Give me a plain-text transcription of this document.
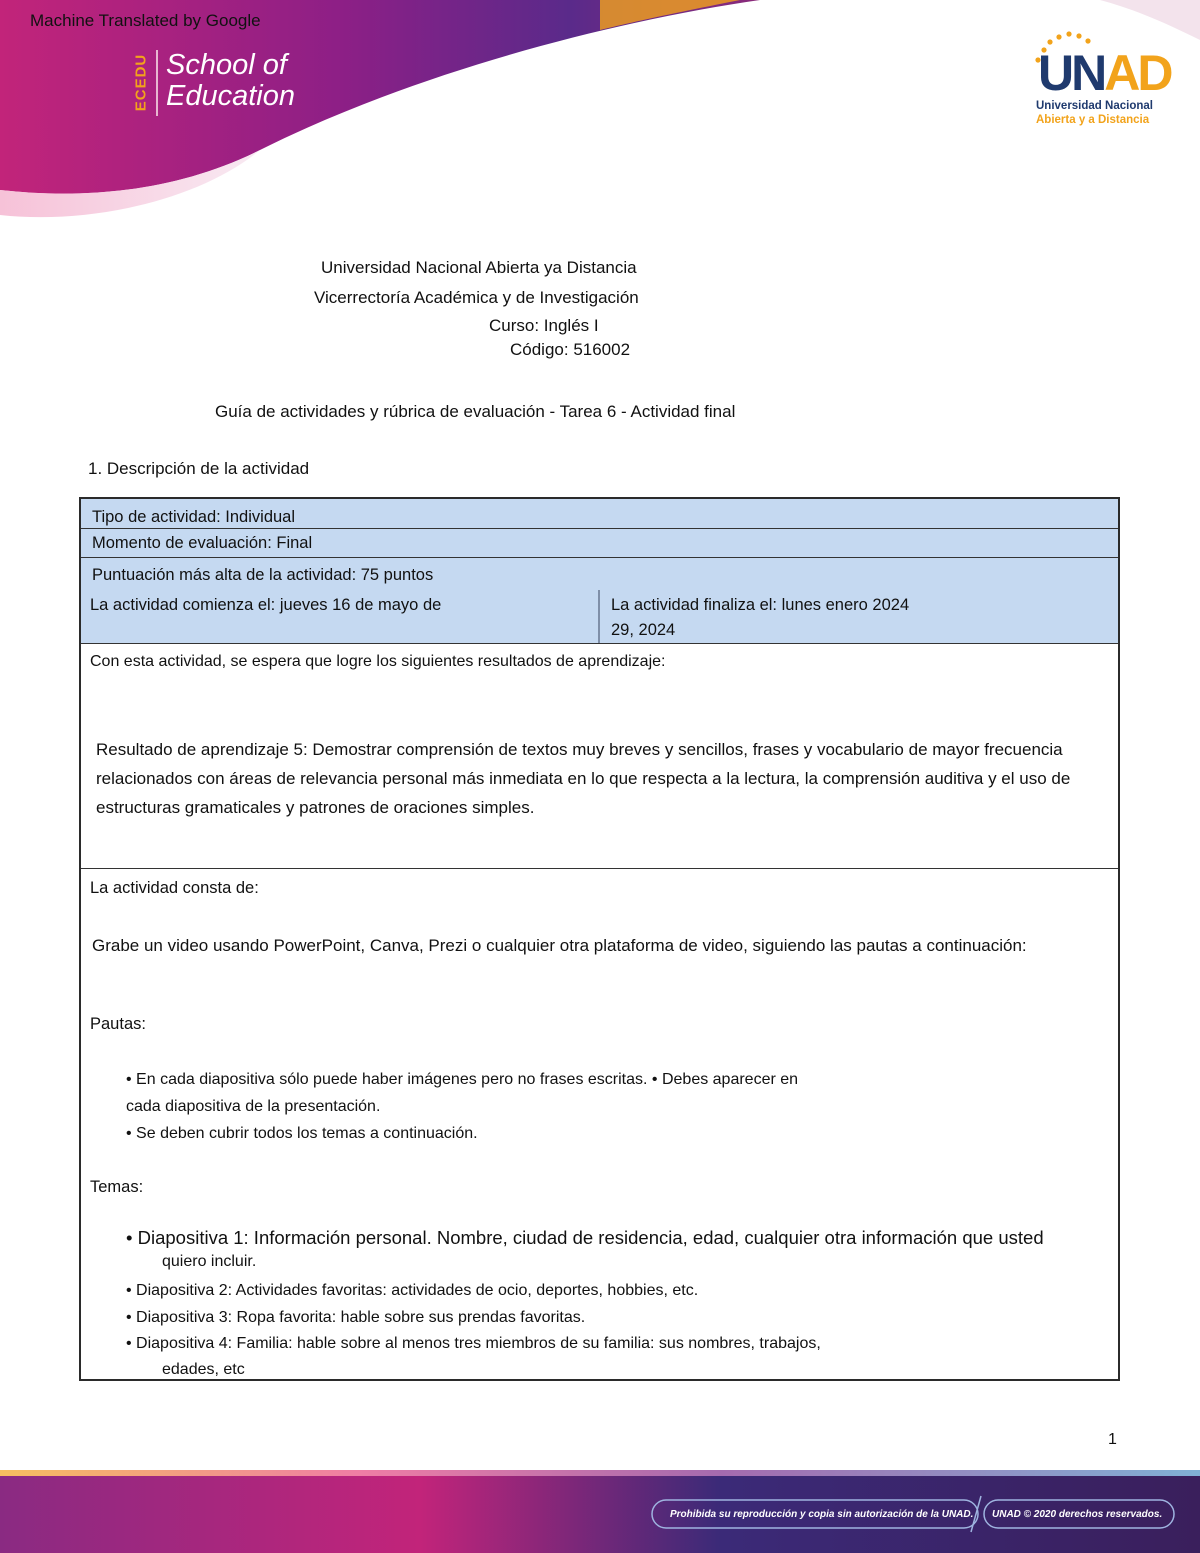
Machine Translated by Google
ECEDU School of
Education	UNAD
Universidad Nacional
Abierta y a Distancia
Universidad Nacional Abierta ya Distancia
Vicerrectoría Académica y de Investigación
Curso: Inglés I
Código: 516002
Guía de actividades y rúbrica de evaluación - Tarea 6 - Actividad final
1. Descripción de la actividad
Tipo de actividad: Individual
Momento de evaluación: Final
Puntuación más alta de la actividad: 75 puntos
La actividad comienza el: jueves 16 de mayo de	La actividad finaliza el: lunes enero 2024
29, 2024
Con esta actividad, se espera que logre los siguientes resultados de aprendizaje:
Resultado de aprendizaje 5: Demostrar comprensión de textos muy breves y sencillos, frases y vocabulario de mayor frecuencia relacionados con áreas de relevancia personal más inmediata en lo que respecta a la lectura, la comprensión auditiva y el uso de estructuras gramaticales y patrones de oraciones simples.
La actividad consta de:
Grabe un video usando PowerPoint, Canva, Prezi o cualquier otra plataforma de video, siguiendo las pautas a continuación:
Pautas:
• En cada diapositiva sólo puede haber imágenes pero no frases escritas. • Debes aparecer en
cada diapositiva de la presentación.
• Se deben cubrir todos los temas a continuación.
Temas:
• Diapositiva 1: Información personal. Nombre, ciudad de residencia, edad, cualquier otra información que usted
quiero incluir.
• Diapositiva 2: Actividades favoritas: actividades de ocio, deportes, hobbies, etc.
• Diapositiva 3: Ropa favorita: hable sobre sus prendas favoritas.
• Diapositiva 4: Familia: hable sobre al menos tres miembros de su familia: sus nombres, trabajos,
edades, etc
1
Prohibida su reproducción y copia sin autorización de la UNAD. UNAD © 2020 derechos reservados.
